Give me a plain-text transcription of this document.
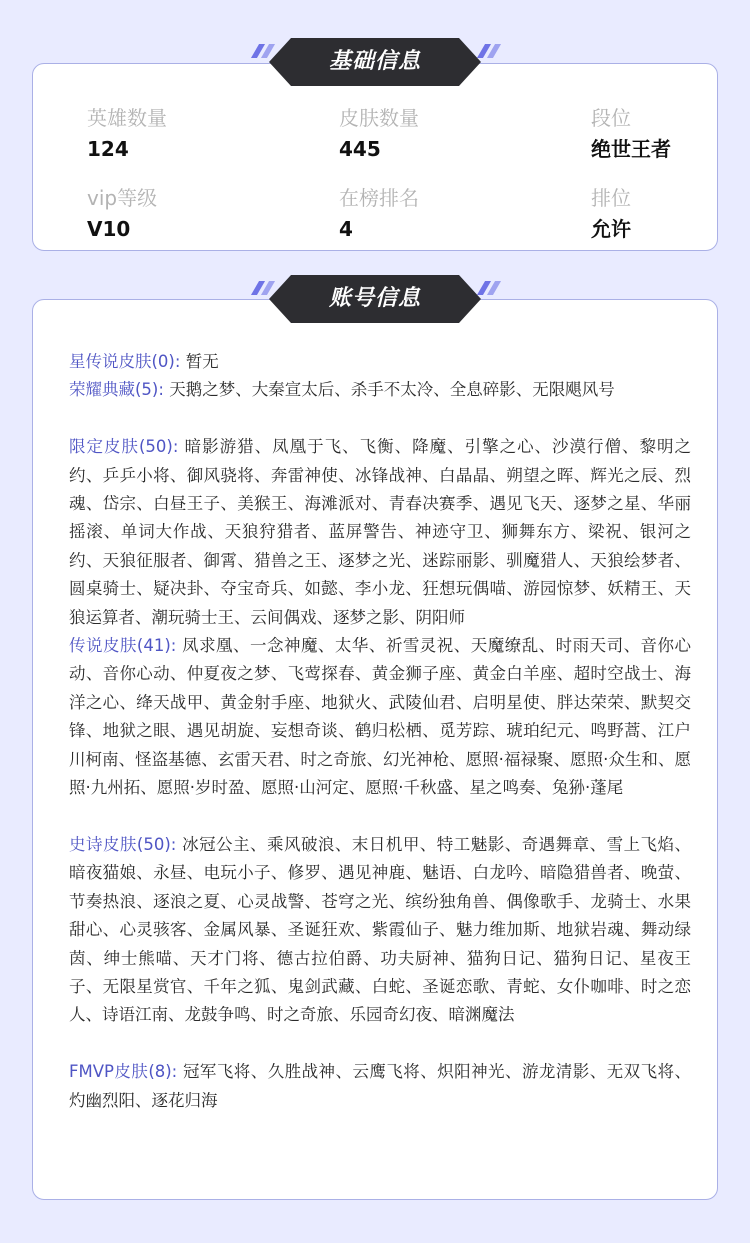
英雄数量
124
皮肤数量
445
段位
绝世王者
vip等级
V10
在榜排名
4
排位
允许
基础信息
星传说皮肤(0): 暂无
荣耀典藏(5): 天鹅之梦、大秦宣太后、杀手不太冷、全息碎影、无限飓风号
限定皮肤(50): 暗影游猎、凤凰于飞、飞衡、降魔、引擎之心、沙漠行僧、黎明之约、乒乒小将、御风骁将、奔雷神使、冰锋战神、白晶晶、朔望之晖、辉光之辰、烈魂、岱宗、白昼王子、美猴王、海滩派对、青春决赛季、遇见飞天、逐梦之星、华丽摇滚、单词大作战、天狼狩猎者、蓝屏警告、神迹守卫、狮舞东方、梁祝、银河之约、天狼征服者、御霄、猎兽之王、逐梦之光、迷踪丽影、驯魔猎人、天狼绘梦者、圆桌骑士、疑决卦、夺宝奇兵、如懿、李小龙、狂想玩偶喵、游园惊梦、妖精王、天狼运算者、潮玩骑士王、云间偶戏、逐梦之影、阴阳师
传说皮肤(41): 凤求凰、一念神魔、太华、祈雪灵祝、天魔缭乱、时雨天司、音你心动、音你心动、仲夏夜之梦、飞莺探春、黄金狮子座、黄金白羊座、超时空战士、海洋之心、绛天战甲、黄金射手座、地狱火、武陵仙君、启明星使、胖达荣荣、默契交锋、地狱之眼、遇见胡旋、妄想奇谈、鹤归松栖、觅芳踪、琥珀纪元、鸣野蒿、江户川柯南、怪盗基德、玄雷天君、时之奇旅、幻光神枪、愿照·福禄聚、愿照·众生和、愿照·九州拓、愿照·岁时盈、愿照·山河定、愿照·千秋盛、星之鸣奏、兔狲·蓬尾
史诗皮肤(50): 冰冠公主、乘风破浪、末日机甲、特工魅影、奇遇舞章、雪上飞焰、暗夜猫娘、永昼、电玩小子、修罗、遇见神鹿、魅语、白龙吟、暗隐猎兽者、晚萤、节奏热浪、逐浪之夏、心灵战警、苍穹之光、缤纷独角兽、偶像歌手、龙骑士、水果甜心、心灵骇客、金属风暴、圣诞狂欢、紫霞仙子、魅力维加斯、地狱岩魂、舞动绿茵、绅士熊喵、天才门将、德古拉伯爵、功夫厨神、猫狗日记、猫狗日记、星夜王子、无限星赏官、千年之狐、鬼剑武藏、白蛇、圣诞恋歌、青蛇、女仆咖啡、时之恋人、诗语江南、龙鼓争鸣、时之奇旅、乐园奇幻夜、暗渊魔法
FMVP皮肤(8): 冠军飞将、久胜战神、云鹰飞将、炽阳神光、游龙清影、无双飞将、灼幽烈阳、逐花归海
账号信息
